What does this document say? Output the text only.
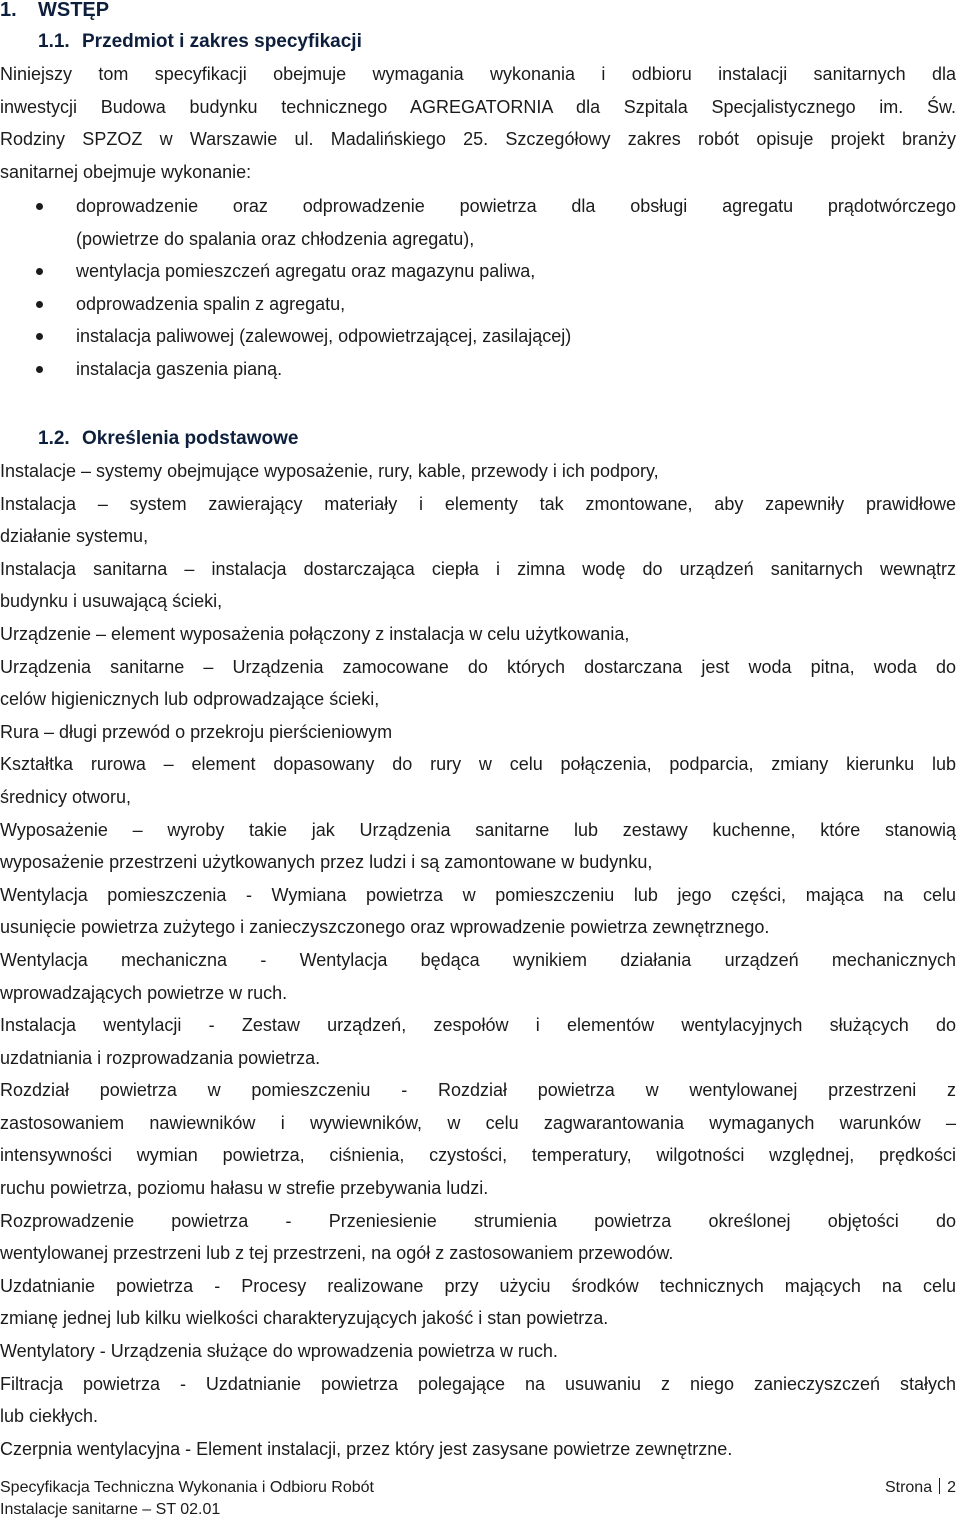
1. WSTĘP
1.1. Przedmiot i zakres specyfikacji
Niniejszy tom specyfikacji obejmuje wymagania wykonania i odbioru instalacji sanitarnych dla
inwestycji Budowa budynku technicznego AGREGATORNIA dla Szpitala Specjalistycznego im. Św.
Rodziny SPZOZ w Warszawie ul. Madalińskiego 25. Szczegółowy zakres robót opisuje projekt branży
sanitarnej obejmuje wykonanie:
doprowadzenie oraz odprowadzenie powietrza dla obsługi agregatu prądotwórczego
(powietrze do spalania oraz chłodzenia agregatu),
wentylacja pomieszczeń agregatu oraz magazynu paliwa,
odprowadzenia spalin z agregatu,
instalacja paliwowej (zalewowej, odpowietrzającej, zasilającej)
instalacja gaszenia pianą.
1.2. Określenia podstawowe
Instalacje – systemy obejmujące wyposażenie, rury, kable, przewody i ich podpory,
Instalacja – system zawierający materiały i elementy tak zmontowane, aby zapewniły prawidłowe
działanie systemu,
Instalacja sanitarna – instalacja dostarczająca ciepła i zimna wodę do urządzeń sanitarnych wewnątrz
budynku i usuwającą ścieki,
Urządzenie – element wyposażenia połączony z instalacja w celu użytkowania,
Urządzenia sanitarne – Urządzenia zamocowane do których dostarczana jest woda pitna, woda do
celów higienicznych lub odprowadzające ścieki,
Rura – długi przewód o przekroju pierścieniowym
Kształtka rurowa – element dopasowany do rury w celu połączenia, podparcia, zmiany kierunku lub
średnicy otworu,
Wyposażenie – wyroby takie jak Urządzenia sanitarne lub zestawy kuchenne, które stanowią
wyposażenie przestrzeni użytkowanych przez ludzi i są zamontowane w budynku,
Wentylacja pomieszczenia - Wymiana powietrza w pomieszczeniu lub jego części, mająca na celu
usunięcie powietrza zużytego i zanieczyszczonego oraz wprowadzenie powietrza zewnętrznego.
Wentylacja mechaniczna - Wentylacja będąca wynikiem działania urządzeń mechanicznych
wprowadzających powietrze w ruch.
Instalacja wentylacji - Zestaw urządzeń, zespołów i elementów wentylacyjnych służących do
uzdatniania i rozprowadzania powietrza.
Rozdział powietrza w pomieszczeniu - Rozdział powietrza w wentylowanej przestrzeni z
zastosowaniem nawiewników i wywiewników, w celu zagwarantowania wymaganych warunków –
intensywności wymian powietrza, ciśnienia, czystości, temperatury, wilgotności względnej, prędkości
ruchu powietrza, poziomu hałasu w strefie przebywania ludzi.
Rozprowadzenie powietrza - Przeniesienie strumienia powietrza określonej objętości do
wentylowanej przestrzeni lub z tej przestrzeni, na ogół z zastosowaniem przewodów.
Uzdatnianie powietrza - Procesy realizowane przy użyciu środków technicznych mających na celu
zmianę jednej lub kilku wielkości charakteryzujących jakość i stan powietrza.
Wentylatory - Urządzenia służące do wprowadzenia powietrza w ruch.
Filtracja powietrza - Uzdatnianie powietrza polegające na usuwaniu z niego zanieczyszczeń stałych
lub ciekłych.
Czerpnia wentylacyjna - Element instalacji, przez który jest zasysane powietrze zewnętrzne.
Specyfikacja Techniczna Wykonania i Odbioru Robót	Strona 2
Instalacje sanitarne – ST 02.01
